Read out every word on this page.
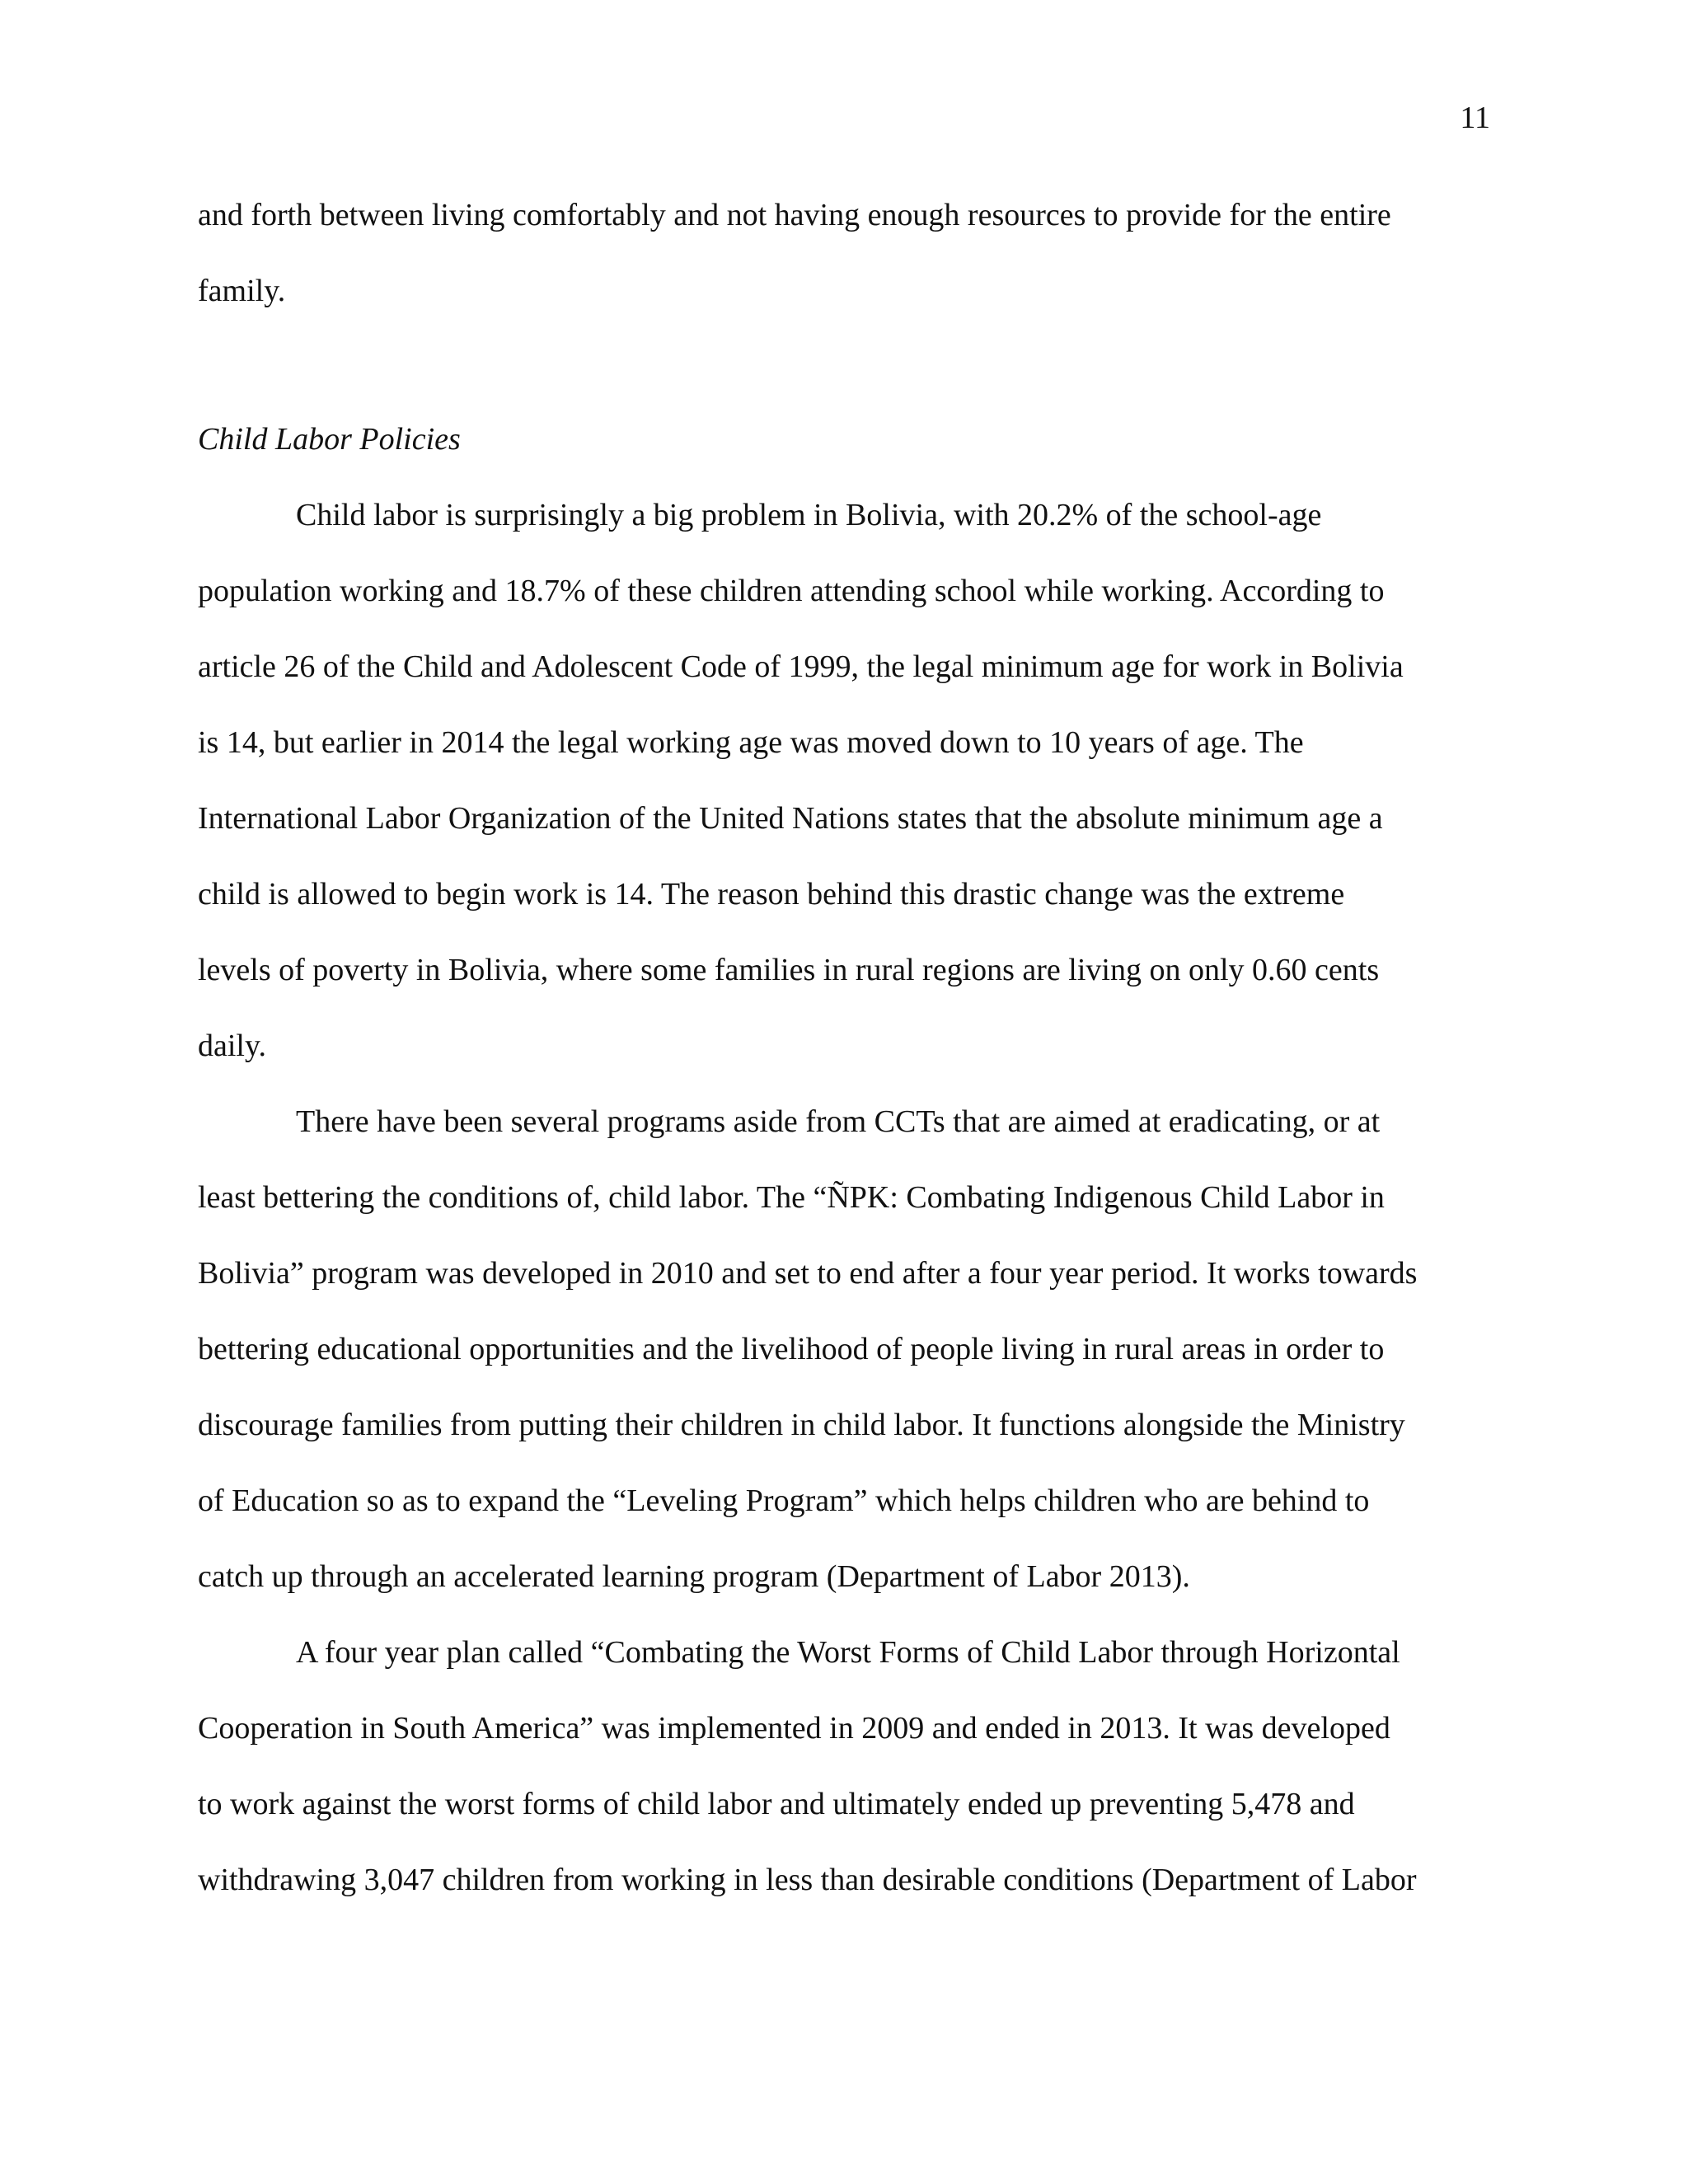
11
and forth between living comfortably and not having enough resources to provide for the entire
family.
Child Labor Policies
Child labor is surprisingly a big problem in Bolivia, with 20.2% of the school-age
population working and 18.7% of these children attending school while working. According to
article 26 of the Child and Adolescent Code of 1999, the legal minimum age for work in Bolivia
is 14, but earlier in 2014 the legal working age was moved down to 10 years of age. The
International Labor Organization of the United Nations states that the absolute minimum age a
child is allowed to begin work is 14. The reason behind this drastic change was the extreme
levels of poverty in Bolivia, where some families in rural regions are living on only 0.60 cents
daily.
There have been several programs aside from CCTs that are aimed at eradicating, or at
least bettering the conditions of, child labor. The “ÑPK: Combating Indigenous Child Labor in
Bolivia” program was developed in 2010 and set to end after a four year period. It works towards
bettering educational opportunities and the livelihood of people living in rural areas in order to
discourage families from putting their children in child labor. It functions alongside the Ministry
of Education so as to expand the “Leveling Program” which helps children who are behind to
catch up through an accelerated learning program (Department of Labor 2013).
A four year plan called “Combating the Worst Forms of Child Labor through Horizontal
Cooperation in South America” was implemented in 2009 and ended in 2013. It was developed
to work against the worst forms of child labor and ultimately ended up preventing 5,478 and
withdrawing 3,047 children from working in less than desirable conditions (Department of Labor
